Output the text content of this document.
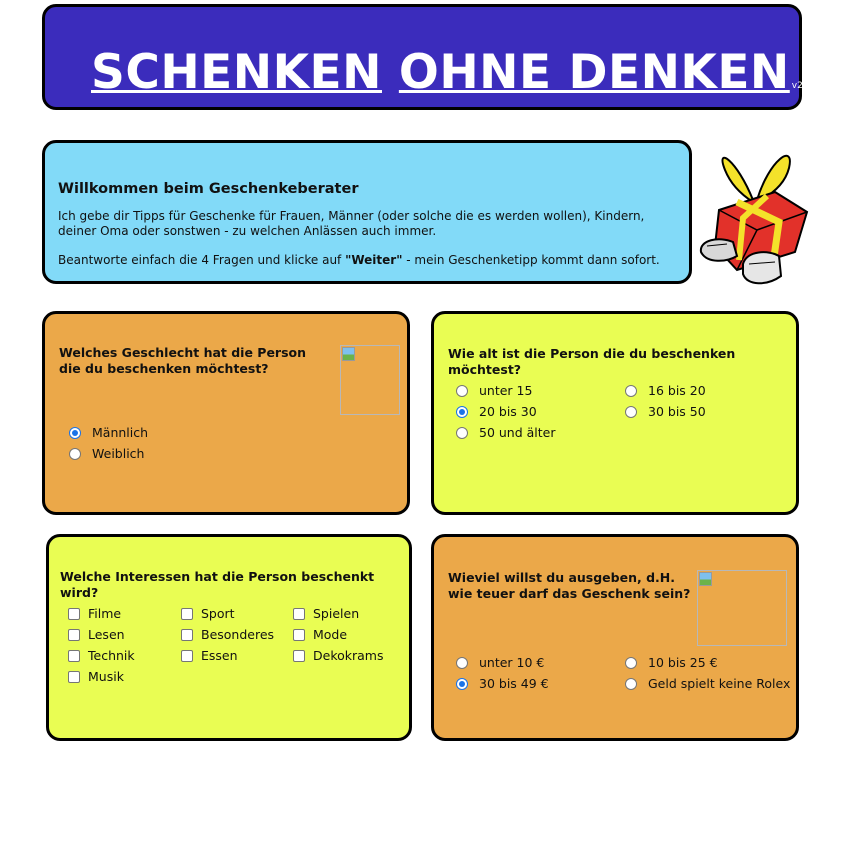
SCHENKEN OHNE DENKEN v2.0
Willkommen beim Geschenkeberater

Ich gebe dir Tipps für Geschenke für Frauen, Männer (oder solche die es werden wollen), Kindern, deiner Oma oder sonstwen - zu welchen Anlässen auch immer.

Beantworte einfach die 4 Fragen und klicke auf "Weiter" - mein Geschenketipp kommt dann sofort.

Welches Geschlecht hat die Person die du beschenken möchtest?

Männlich
Weiblich

Wie alt ist die Person die du beschenken möchtest?

unter 15	16 bis 20
20 bis 30	30 bis 50
50 und älter

Welche Interessen hat die Person beschenkt wird?

Filme	Sport	Spielen
Lesen	Besonderes	Mode
Technik	Essen	Dekokrams
Musik

Wieviel willst du ausgeben, d.H. wie teuer darf das Geschenk sein?

unter 10 €	10 bis 25 €
30 bis 49 €	Geld spielt keine Rolex
